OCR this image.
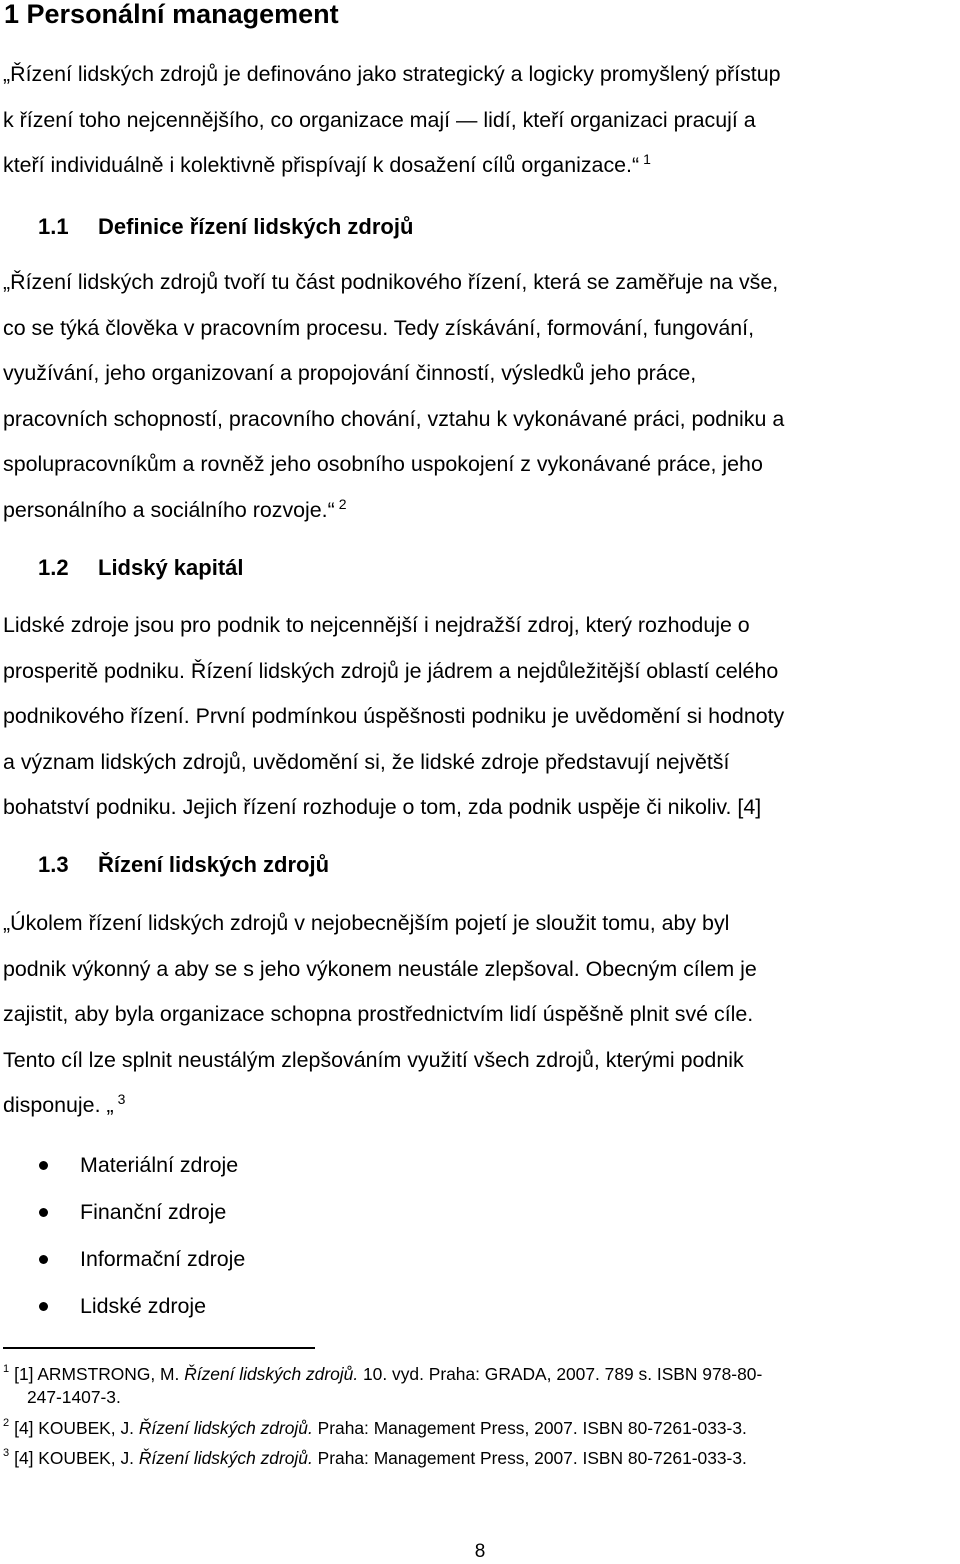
1 Personální management

„Řízení lidských zdrojů je definováno jako strategický a logicky promyšlený přístup
k řízení toho nejcennějšího, co organizace mají — lidí, kteří organizaci pracují a
kteří individuálně i kolektivně přispívají k dosažení cílů organizace.“ $^1$

1.1 Definice řízení lidských zdrojů

„Řízení lidských zdrojů tvoří tu část podnikového řízení, která se zaměřuje na vše,
co se týká člověka v pracovním procesu. Tedy získávání, formování, fungování,
využívání, jeho organizovaní a propojování činností, výsledků jeho práce,
pracovních schopností, pracovního chování, vztahu k vykonávané práci, podniku a
spolupracovníkům a rovněž jeho osobního uspokojení z vykonávané práce, jeho
personálního a sociálního rozvoje.“ $^2$

1.2 Lidský kapitál

Lidské zdroje jsou pro podnik to nejcennější i nejdražší zdroj, který rozhoduje o
prosperitě podniku. Řízení lidských zdrojů je jádrem a nejdůležitější oblastí celého
podnikového řízení. První podmínkou úspěšnosti podniku je uvědomění si hodnoty
a význam lidských zdrojů, uvědomění si, že lidské zdroje představují největší
bohatství podniku. Jejich řízení rozhoduje o tom, zda podnik uspěje či nikoliv. [4]

1.3 Řízení lidských zdrojů

„Úkolem řízení lidských zdrojů v nejobecnějším pojetí je sloužit tomu, aby byl
podnik výkonný a aby se s jeho výkonem neustále zlepšoval. Obecným cílem je
zajistit, aby byla organizace schopna prostřednictvím lidí úspěšně plnit své cíle.
Tento cíl lze splnit neustálým zlepšováním využití všech zdrojů, kterými podnik
disponuje. „ $^3$

Materiální zdroje
Finanční zdroje
Informační zdroje
Lidské zdroje
$^1$ [1] ARMSTRONG, M. Řízení lidských zdrojů. 10. vyd. Praha: GRADA, 2007. 789 s. ISBN 978-80-
247-1407-3.
$^2$ [4] KOUBEK, J. Řízení lidských zdrojů. Praha: Management Press, 2007. ISBN 80-7261-033-3.
$^3$ [4] KOUBEK, J. Řízení lidských zdrojů. Praha: Management Press, 2007. ISBN 80-7261-033-3.
8
